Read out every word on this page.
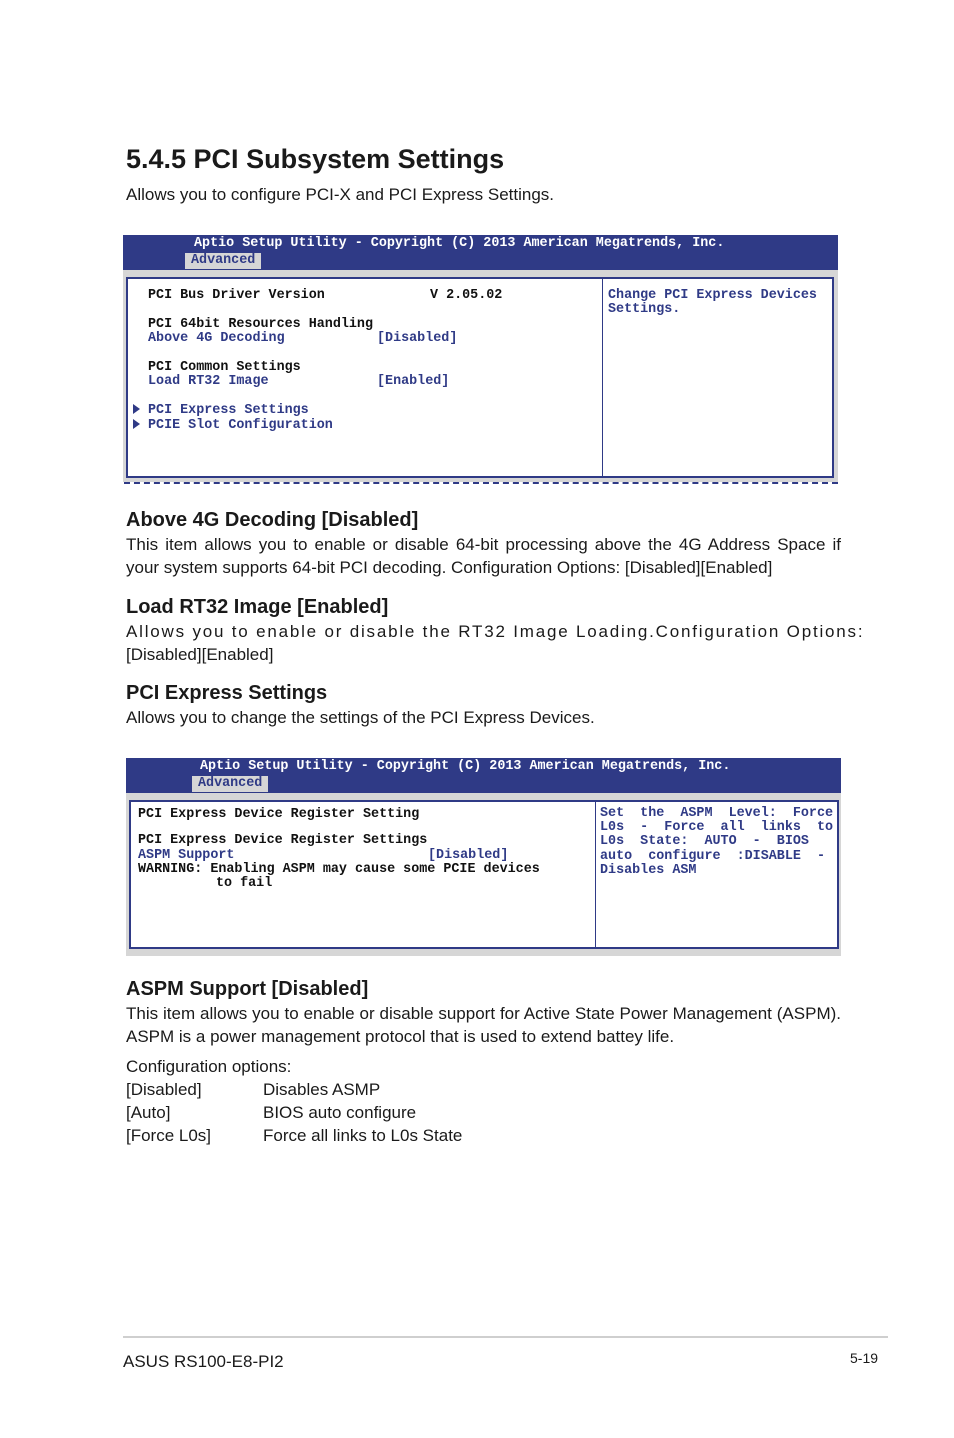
5.4.5 PCI Subsystem Settings
Allows you to configure PCI-X and PCI Express Settings.
Aptio Setup Utility - Copyright (C) 2013 American Megatrends, Inc.
Advanced
PCI Bus Driver Version	V 2.05.02
PCI 64bit Resources Handling
Above 4G Decoding	[Disabled]
PCI Common Settings
Load RT32 Image	[Enabled]
PCI Express Settings
PCIE Slot Configuration
Change PCI Express Devices
Settings.
Above 4G Decoding [Disabled]
This item allows you to enable or disable 64-bit processing above the 4G Address Space if your system supports 64-bit PCI decoding. Configuration Options: [Disabled][Enabled]
Load RT32 Image [Enabled]
Allows you to enable or disable the RT32 Image Loading.Configuration Options:
[Disabled][Enabled]
PCI Express Settings
Allows you to change the settings of the PCI Express Devices.
Aptio Setup Utility - Copyright (C) 2013 American Megatrends, Inc.
Advanced
PCI Express Device Register Setting
PCI Express Device Register Settings
ASPM Support	[Disabled]
WARNING: Enabling ASPM may cause some PCIE devices
to fail
Set  the  ASPM  Level:  Force
L0s  -  Force  all  links  to
L0s  State:  AUTO  -  BIOS
auto  configure  :DISABLE  -
Disables ASM
ASPM Support [Disabled]
This item allows you to enable or disable support for Active State Power Management (ASPM). ASPM is a power management protocol that is used to extend battey life.
Configuration options:
[Disabled]	Disables ASMP
[Auto]	BIOS auto configure
[Force L0s]	Force all links to L0s State
ASUS RS100-E8-PI2	5-19
